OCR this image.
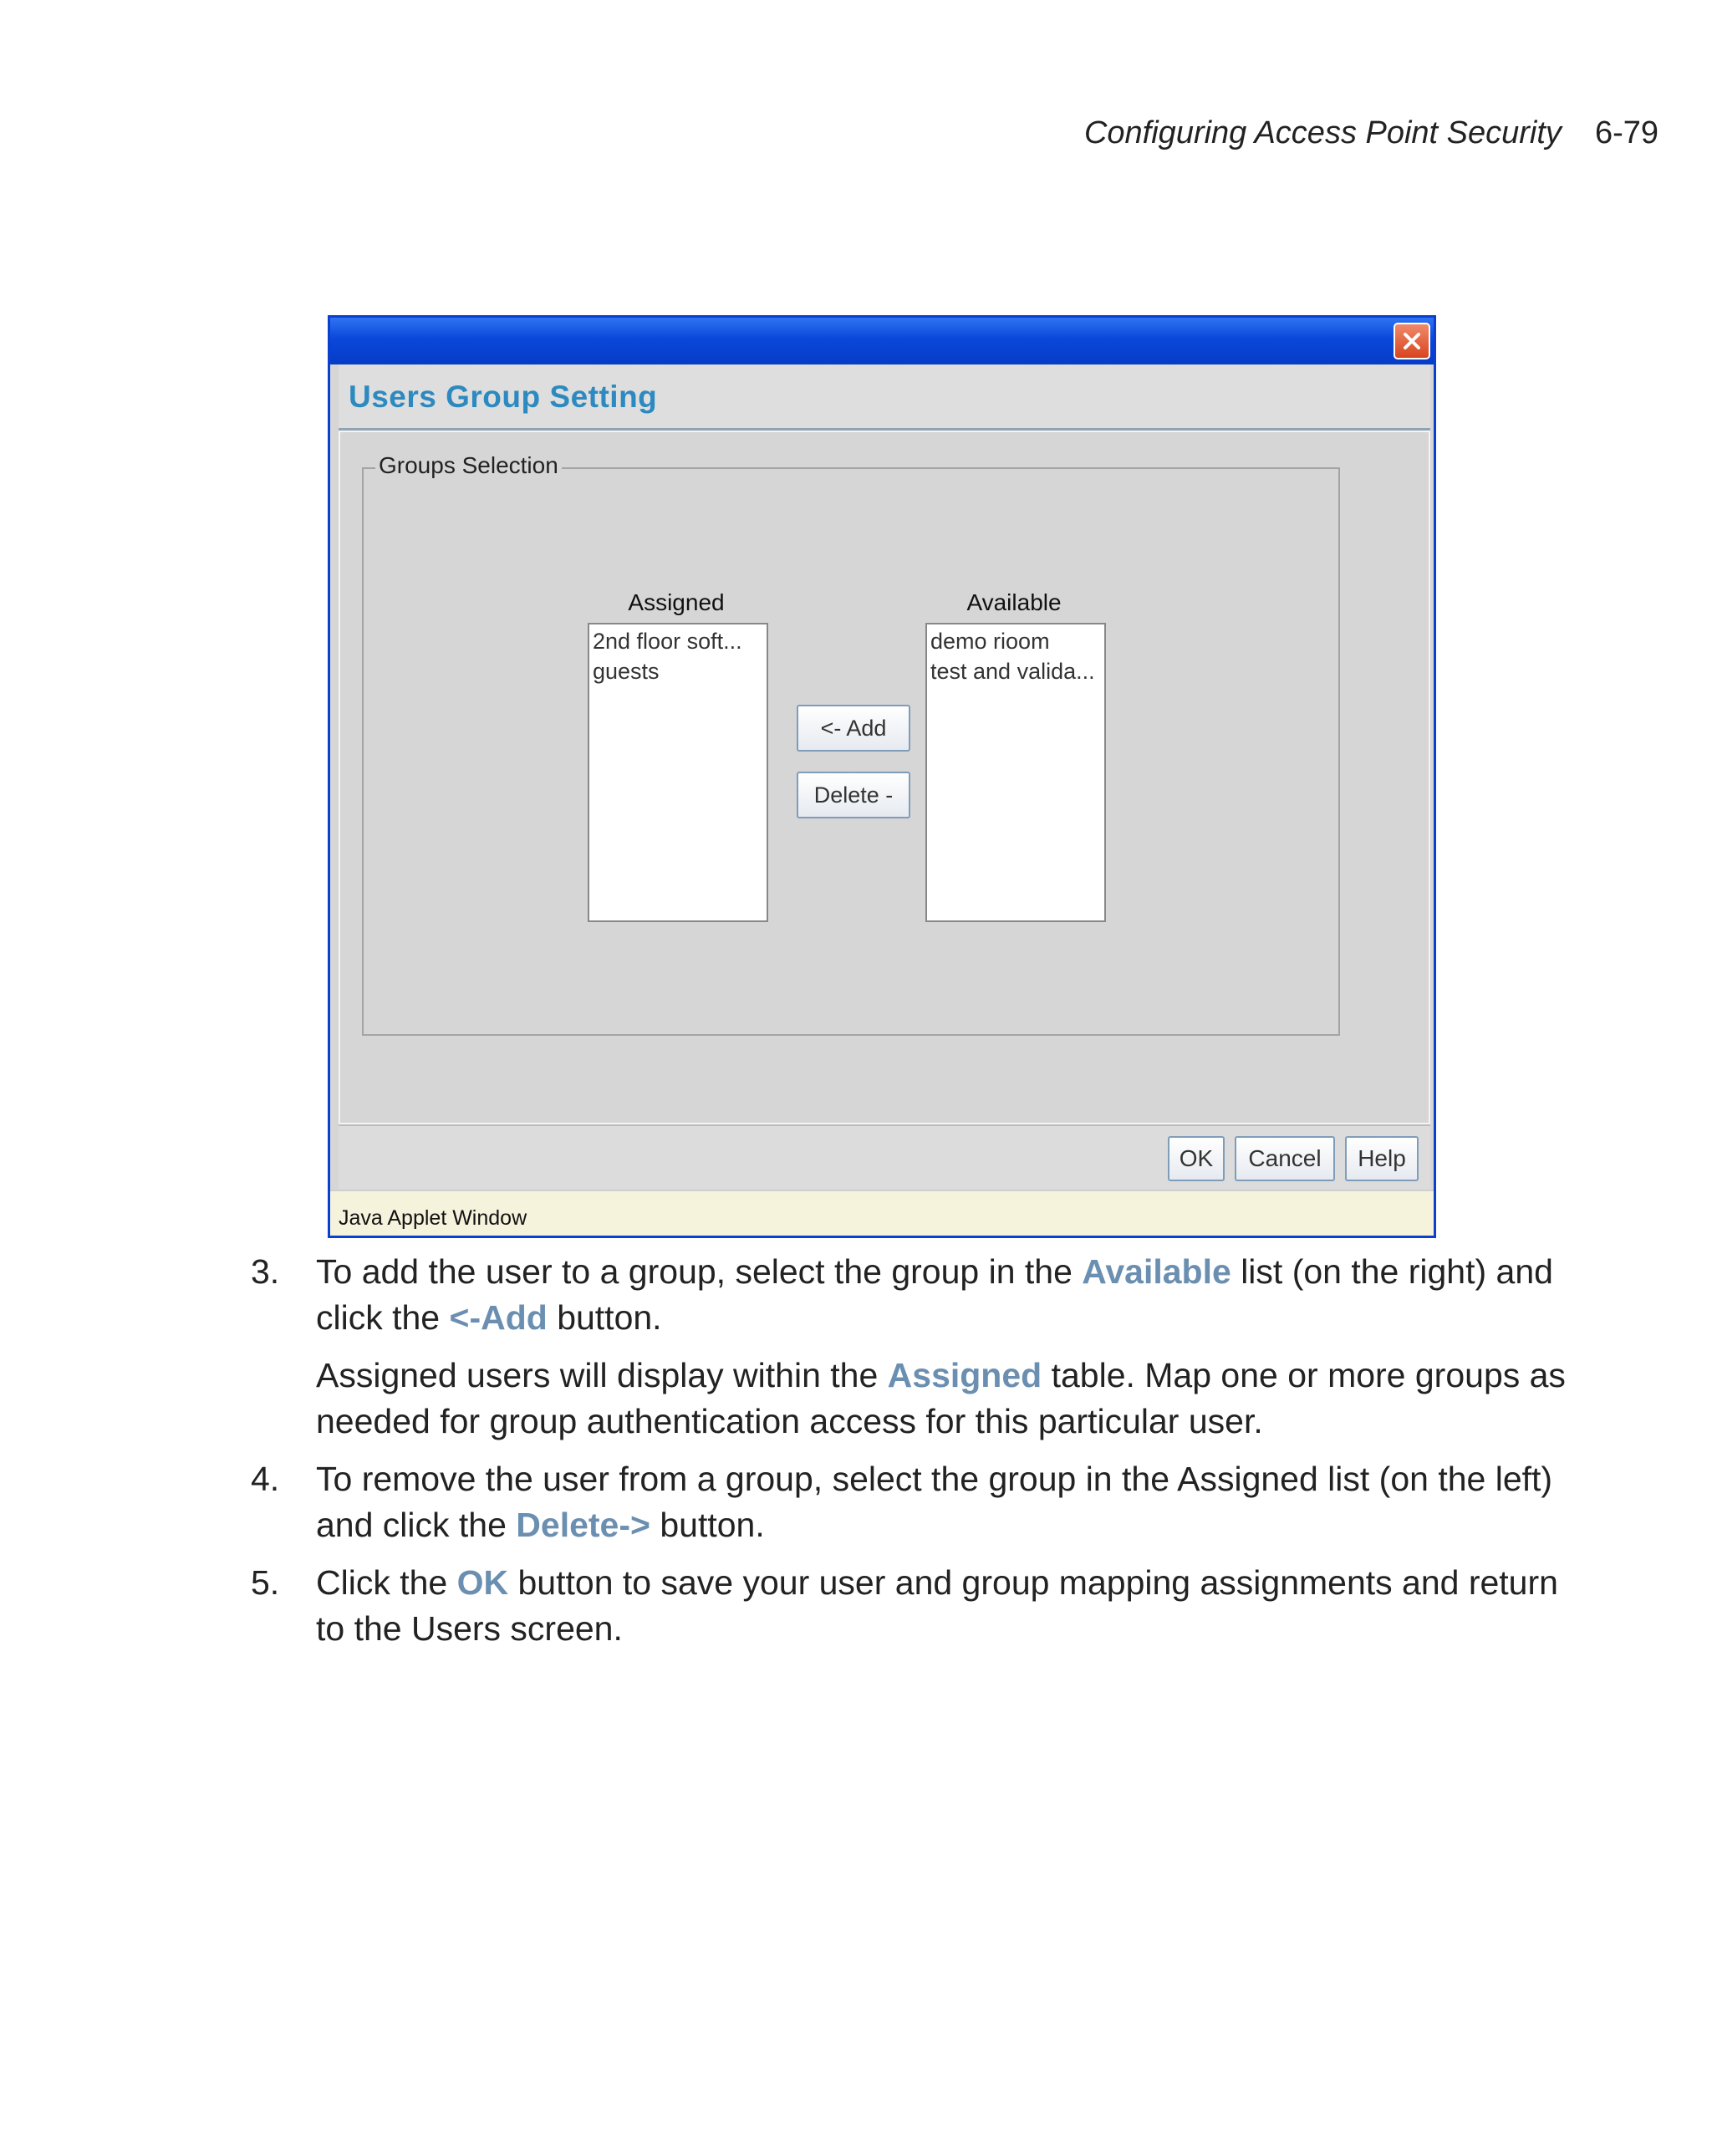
Configuring Access Point Security 6-79
Users Group Setting
Groups Selection
Assigned
2nd floor soft...
guests
<- Add
Delete -
Available
demo rioom
test and valida...
OK	Cancel	Help
Java Applet Window
3.	To add the user to a group, select the group in the Available list (on the right) and click the <-Add button.
Assigned users will display within the Assigned table. Map one or more groups as needed for group authentication access for this particular user.
4.	To remove the user from a group, select the group in the Assigned list (on the left) and click the Delete-> button.
5.	Click the OK button to save your user and group mapping assignments and return to the Users screen.
